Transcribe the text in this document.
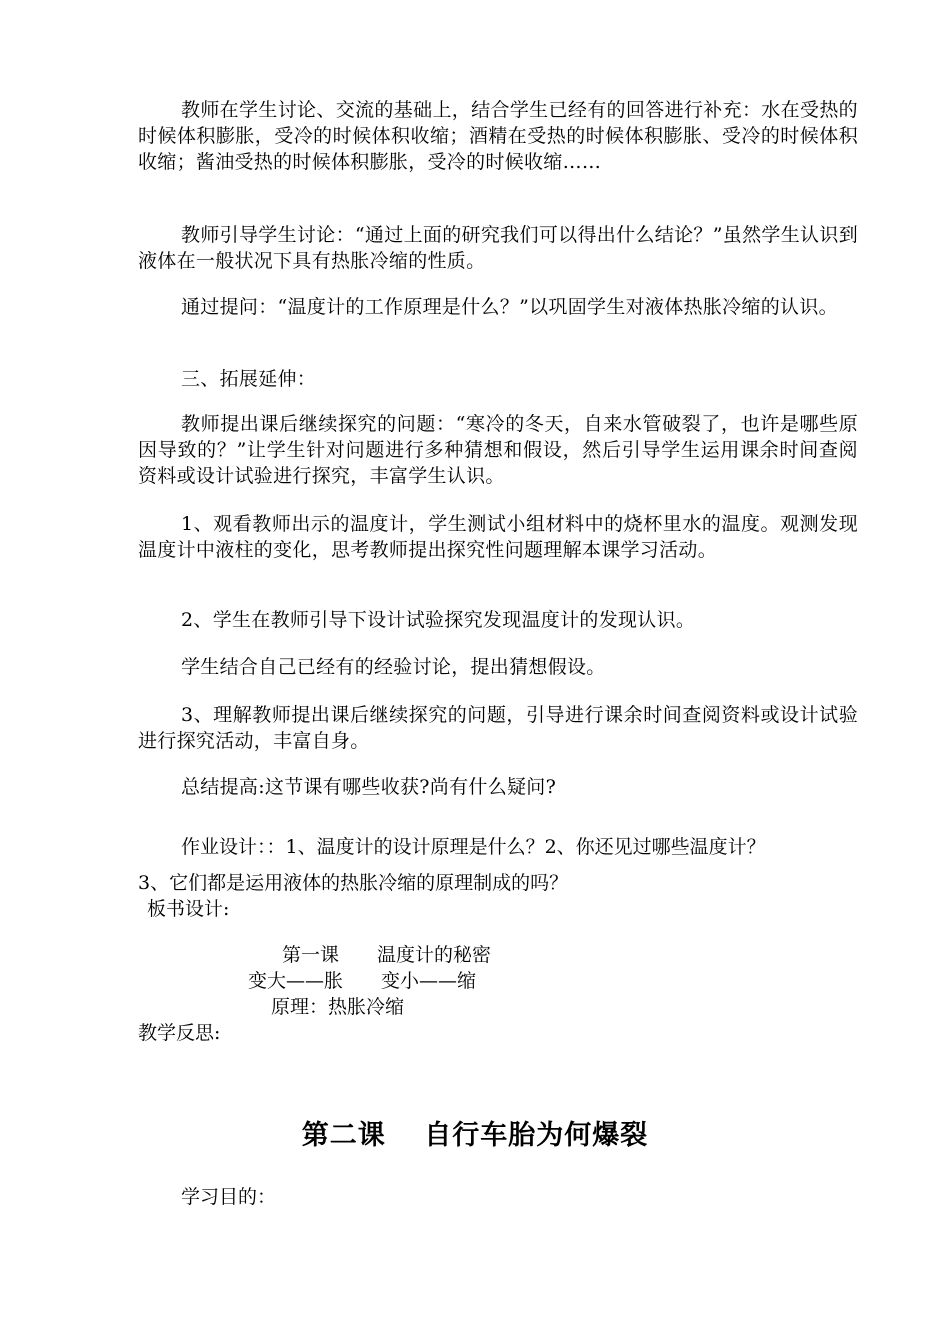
教师在学生讨论、交流的基础上，结合学生已经有的回答进行补充：水在受热的时候体积膨胀，受冷的时候体积收缩；酒精在受热的时候体积膨胀、受冷的时候体积收缩；酱油受热的时候体积膨胀，受冷的时候收缩……

教师引导学生讨论：“通过上面的研究我们可以得出什么结论？”虽然学生认识到液体在一般状况下具有热胀冷缩的性质。

通过提问：“温度计的工作原理是什么？”以巩固学生对液体热胀冷缩的认识。

三、拓展延伸：

教师提出课后继续探究的问题：“寒冷的冬天，自来水管破裂了，也许是哪些原因导致的？”让学生针对问题进行多种猜想和假设，然后引导学生运用课余时间查阅资料或设计试验进行探究，丰富学生认识。

1、观看教师出示的温度计，学生测试小组材料中的烧杯里水的温度。观测发现温度计中液柱的变化，思考教师提出探究性问题理解本课学习活动。

2、学生在教师引导下设计试验探究发现温度计的发现认识。

学生结合自己已经有的经验讨论，提出猜想假设。

3、理解教师提出课后继续探究的问题，引导进行课余时间查阅资料或设计试验进行探究活动，丰富自身。

总结提高:这节课有哪些收获?尚有什么疑问?

作业设计：：1、温度计的设计原理是什么？2、你还见过哪些温度计？

3、它们都是运用液体的热胀冷缩的原理制成的吗？

板书设计:

第一课　　温度计的秘密

变大——胀　　变小——缩

原理：热胀冷缩

教学反思:

第二课　 自行车胎为何爆裂

学习目的：
